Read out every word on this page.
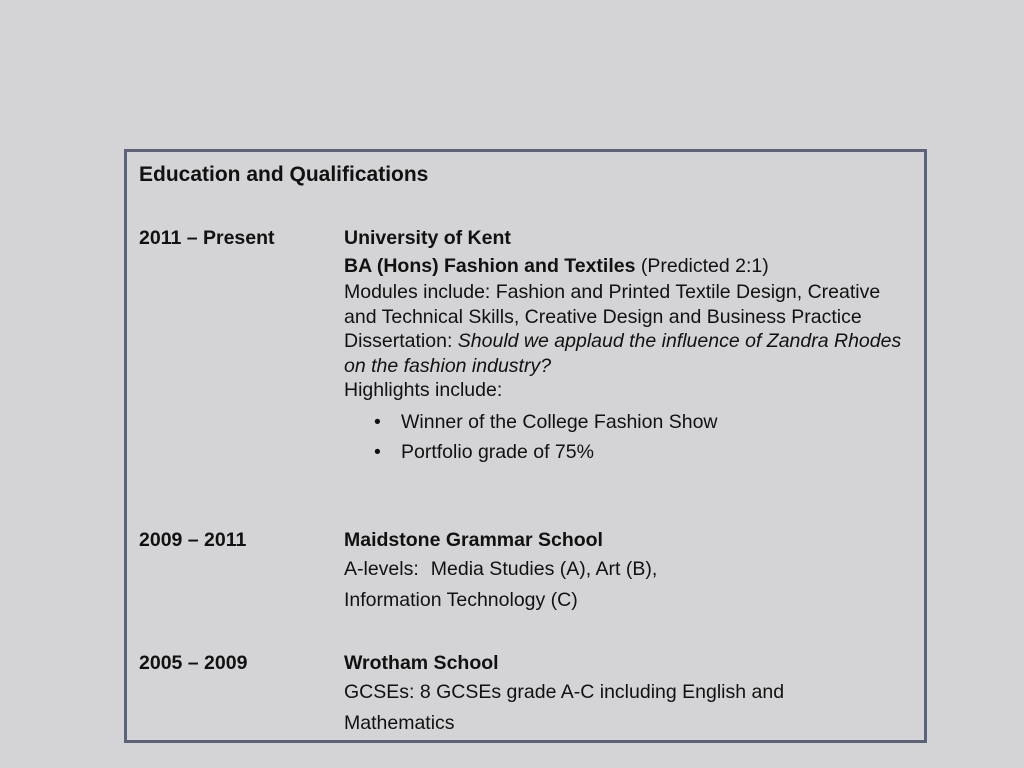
Education and Qualifications
2011 – Present	University of Kent
BA (Hons) Fashion and Textiles (Predicted 2:1)
Modules include: Fashion and Printed Textile Design, Creative and Technical Skills, Creative Design and Business Practice
Dissertation: Should we applaud the influence of Zandra Rhodes on the fashion industry?
Highlights include:
• Winner of the College Fashion Show
• Portfolio grade of 75%
2009 – 2011	Maidstone Grammar School
A-levels: Media Studies (A), Art (B),
Information Technology (C)
2005 – 2009	Wrotham School
GCSEs: 8 GCSEs grade A-C including English and Mathematics
